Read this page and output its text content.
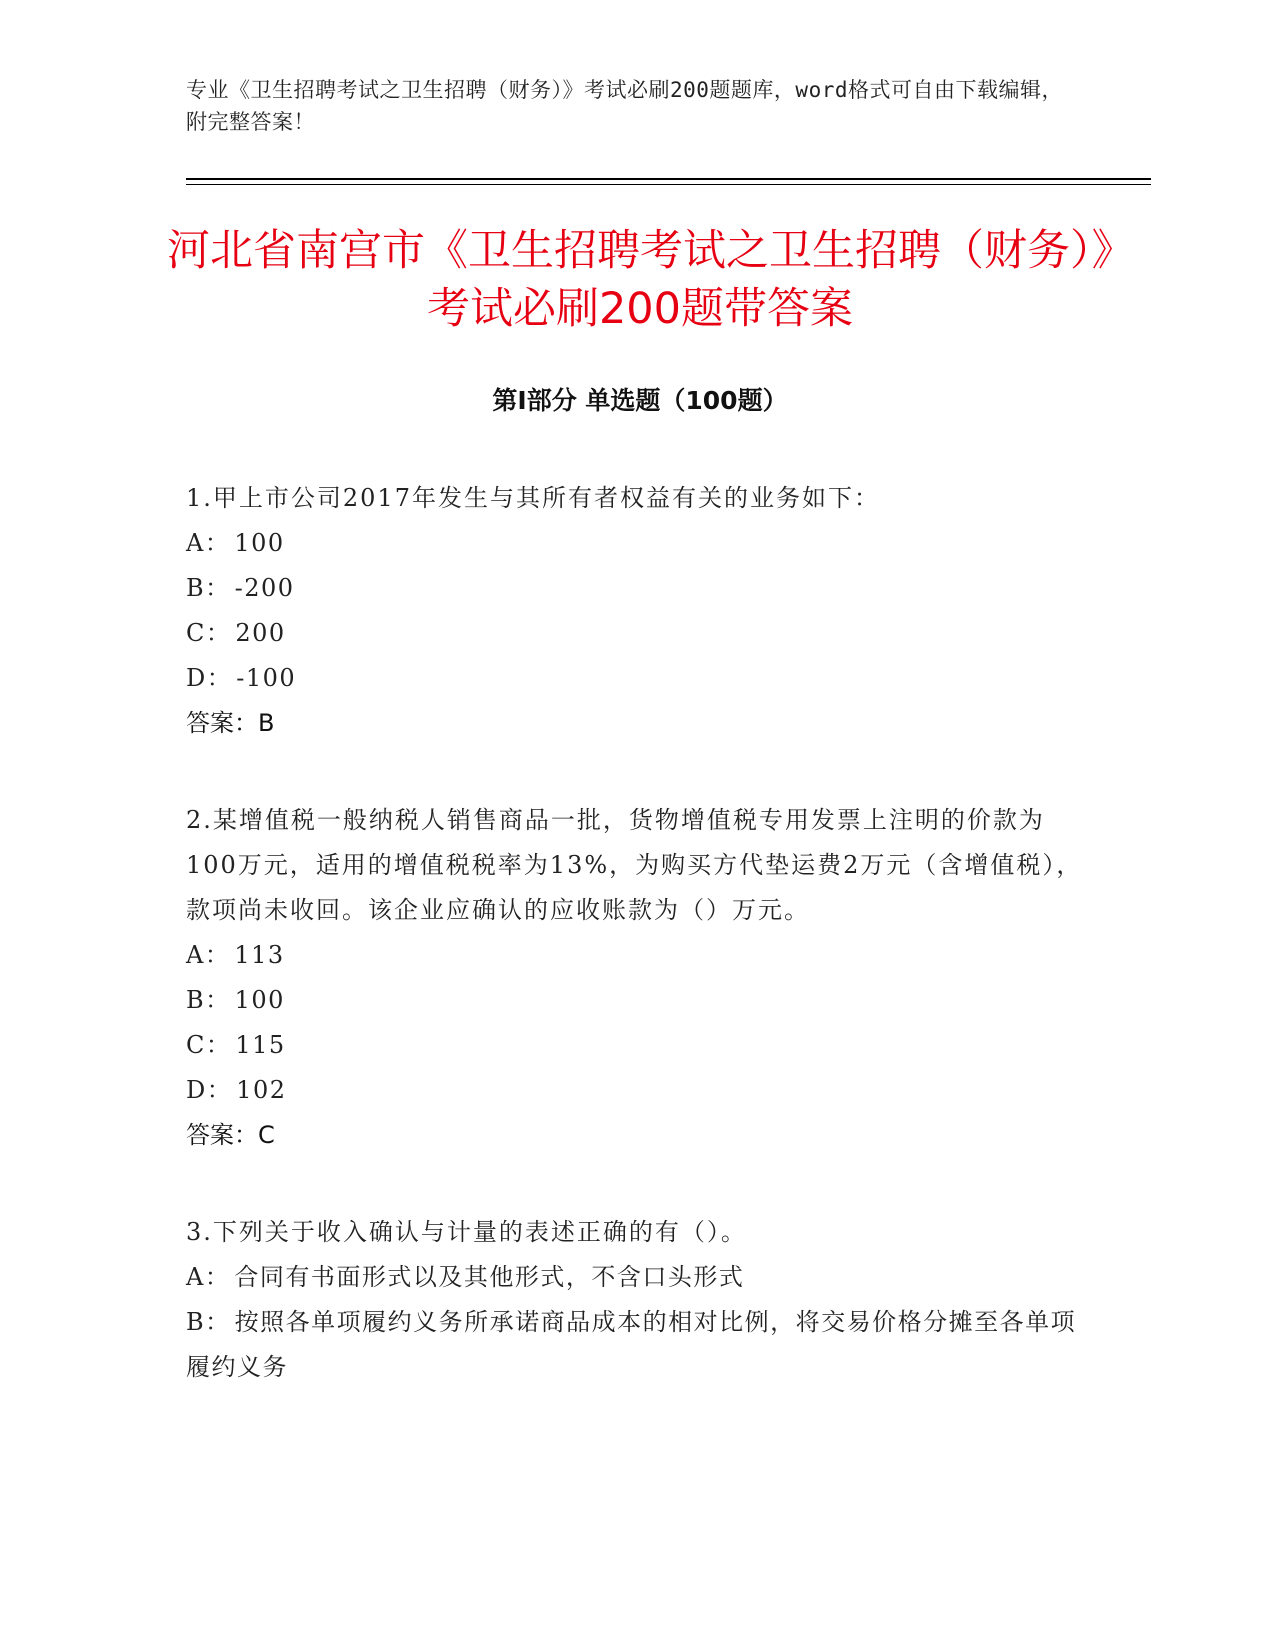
专业《卫生招聘考试之卫生招聘（财务）》考试必刷200题题库，word格式可自由下载编辑，附完整答案！
河北省南宫市《卫生招聘考试之卫生招聘（财务）》考试必刷200题带答案
第I部分 单选题（100题）

1.甲上市公司2017年发生与其所有者权益有关的业务如下：

A： 100

B： -200

C： 200

D： -100

答案：B

2.某增值税一般纳税人销售商品一批，货物增值税专用发票上注明的价款为100万元，适用的增值税税率为13%，为购买方代垫运费2万元（含增值税），款项尚未收回。该企业应确认的应收账款为（）万元。

A： 113

B： 100

C： 115

D： 102

答案：C

3.下列关于收入确认与计量的表述正确的有（）。

A： 合同有书面形式以及其他形式，不含口头形式

B： 按照各单项履约义务所承诺商品成本的相对比例，将交易价格分摊至各单项履约义务
